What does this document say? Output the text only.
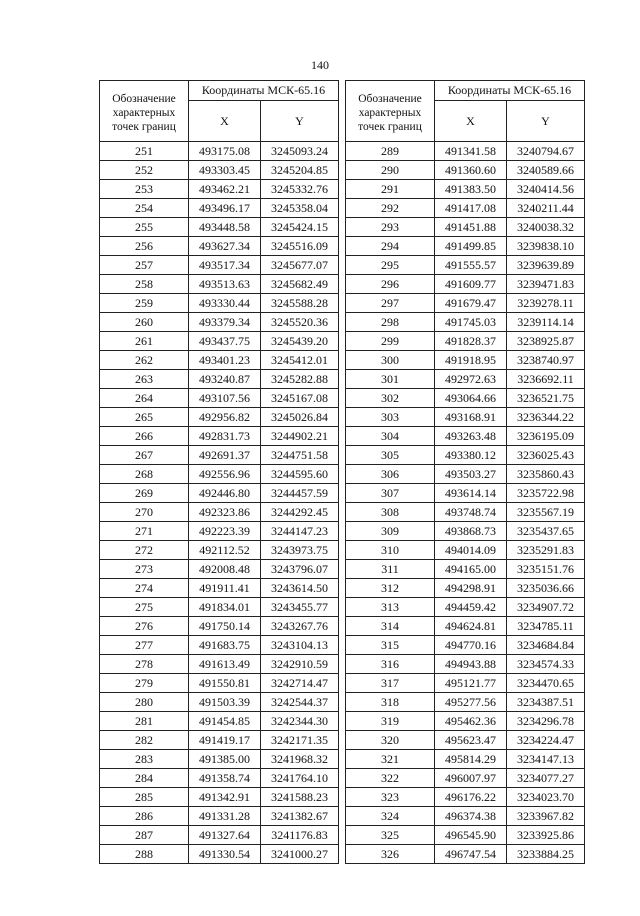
140
Обозначение
характерных
точек границ	Координаты МСК-65.16	
	X	Y
251	493175.08	3245093.24
252	493303.45	3245204.85
253	493462.21	3245332.76
254	493496.17	3245358.04
255	493448.58	3245424.15
256	493627.34	3245516.09
257	493517.34	3245677.07
258	493513.63	3245682.49
259	493330.44	3245588.28
260	493379.34	3245520.36
261	493437.75	3245439.20
262	493401.23	3245412.01
263	493240.87	3245282.88
264	493107.56	3245167.08
265	492956.82	3245026.84
266	492831.73	3244902.21
267	492691.37	3244751.58
268	492556.96	3244595.60
269	492446.80	3244457.59
270	492323.86	3244292.45
271	492223.39	3244147.23
272	492112.52	3243973.75
273	492008.48	3243796.07
274	491911.41	3243614.50
275	491834.01	3243455.77
276	491750.14	3243267.76
277	491683.75	3243104.13
278	491613.49	3242910.59
279	491550.81	3242714.47
280	491503.39	3242544.37
281	491454.85	3242344.30
282	491419.17	3242171.35
283	491385.00	3241968.32
284	491358.74	3241764.10
285	491342.91	3241588.23
286	491331.28	3241382.67
287	491327.64	3241176.83
288	491330.54	3241000.27
Обозначение
характерных
точек границ	Координаты МСК-65.16	
	X	Y
289	491341.58	3240794.67
290	491360.60	3240589.66
291	491383.50	3240414.56
292	491417.08	3240211.44
293	491451.88	3240038.32
294	491499.85	3239838.10
295	491555.57	3239639.89
296	491609.77	3239471.83
297	491679.47	3239278.11
298	491745.03	3239114.14
299	491828.37	3238925.87
300	491918.95	3238740.97
301	492972.63	3236692.11
302	493064.66	3236521.75
303	493168.91	3236344.22
304	493263.48	3236195.09
305	493380.12	3236025.43
306	493503.27	3235860.43
307	493614.14	3235722.98
308	493748.74	3235567.19
309	493868.73	3235437.65
310	494014.09	3235291.83
311	494165.00	3235151.76
312	494298.91	3235036.66
313	494459.42	3234907.72
314	494624.81	3234785.11
315	494770.16	3234684.84
316	494943.88	3234574.33
317	495121.77	3234470.65
318	495277.56	3234387.51
319	495462.36	3234296.78
320	495623.47	3234224.47
321	495814.29	3234147.13
322	496007.97	3234077.27
323	496176.22	3234023.70
324	496374.38	3233967.82
325	496545.90	3233925.86
326	496747.54	3233884.25
